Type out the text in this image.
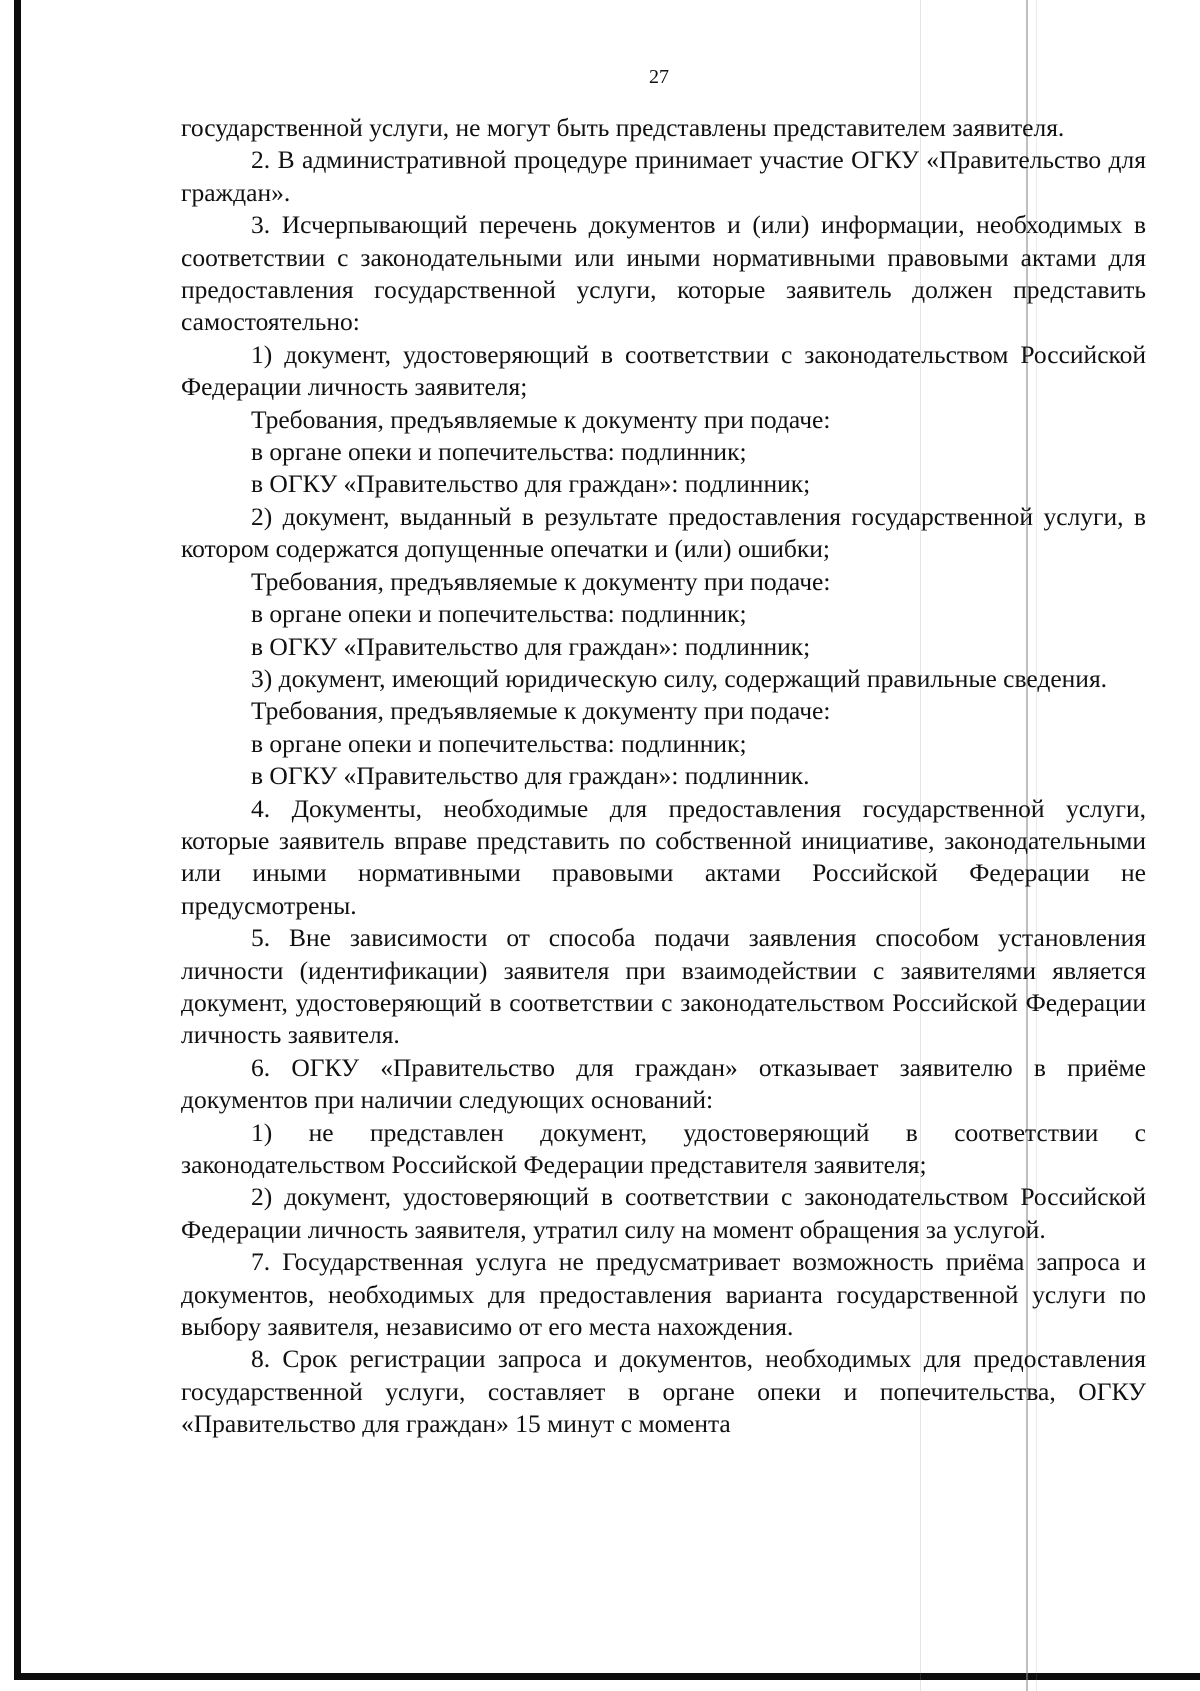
27

государственной услуги, не могут быть представлены представителем заявителя.

2. В административной процедуре принимает участие ОГКУ «Правительство для граждан».

3. Исчерпывающий перечень документов и (или) информации, необходимых в соответствии с законодательными или иными нормативными правовыми актами для предоставления государственной услуги, которые заявитель должен представить самостоятельно:

1) документ, удостоверяющий в соответствии с законодательством Российской Федерации личность заявителя;

Требования, предъявляемые к документу при подаче:

в органе опеки и попечительства: подлинник;

в ОГКУ «Правительство для граждан»: подлинник;

2) документ, выданный в результате предоставления государственной услуги, в котором содержатся допущенные опечатки и (или) ошибки;

Требования, предъявляемые к документу при подаче:

в органе опеки и попечительства: подлинник;

в ОГКУ «Правительство для граждан»: подлинник;

3) документ, имеющий юридическую силу, содержащий правильные сведения.

Требования, предъявляемые к документу при подаче:

в органе опеки и попечительства: подлинник;

в ОГКУ «Правительство для граждан»: подлинник.

4. Документы, необходимые для предоставления государственной услуги, которые заявитель вправе представить по собственной инициативе, законодательными или иными нормативными правовыми актами Российской Федерации не предусмотрены.

5. Вне зависимости от способа подачи заявления способом установления личности (идентификации) заявителя при взаимодействии с заявителями является документ, удостоверяющий в соответствии с законодательством Российской Федерации личность заявителя.

6. ОГКУ «Правительство для граждан» отказывает заявителю в приёме документов при наличии следующих оснований:

1) не представлен документ, удостоверяющий в соответствии с законодательством Российской Федерации представителя заявителя;

2) документ, удостоверяющий в соответствии с законодательством Российской Федерации личность заявителя, утратил силу на момент обращения за услугой.

7. Государственная услуга не предусматривает возможность приёма запроса и документов, необходимых для предоставления варианта государственной услуги по выбору заявителя, независимо от его места нахождения.

8. Срок регистрации запроса и документов, необходимых для предоставления государственной услуги, составляет в органе опеки и попечительства, ОГКУ «Правительство для граждан» 15 минут с момента
